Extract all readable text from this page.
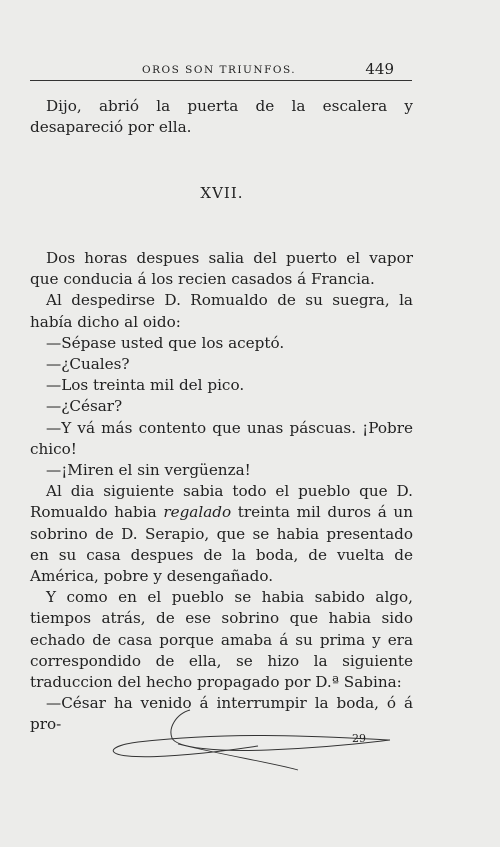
OROS SON TRIUNFOS.	449

Dijo, abrió la puerta de la escalera y desapareció por ella.

XVII.

Dos horas despues salia del puerto el vapor que conducia á los recien casados á Francia.

Al despedirse D. Romualdo de su suegra, la había dicho al oido:

—Sépase usted que los aceptó.

—¿Cuales?

—Los treinta mil del pico.

—¿César?

—Y vá más contento que unas páscuas. ¡Pobre chico!

—¡Miren el sin vergüenza!

Al dia siguiente sabia todo el pueblo que D. Romualdo habia regalado treinta mil duros á un sobrino de D. Serapio, que se habia presentado en su casa despues de la boda, de vuelta de América, pobre y desengañado.

Y como en el pueblo se habia sabido algo, tiempos atrás, de ese sobrino que habia sido echado de casa porque amaba á su prima y era correspondido de ella, se hizo la siguiente traduccion del hecho propagado por D.ª Sabina:

—César ha venido á interrumpir la boda, ó á pro-

29
